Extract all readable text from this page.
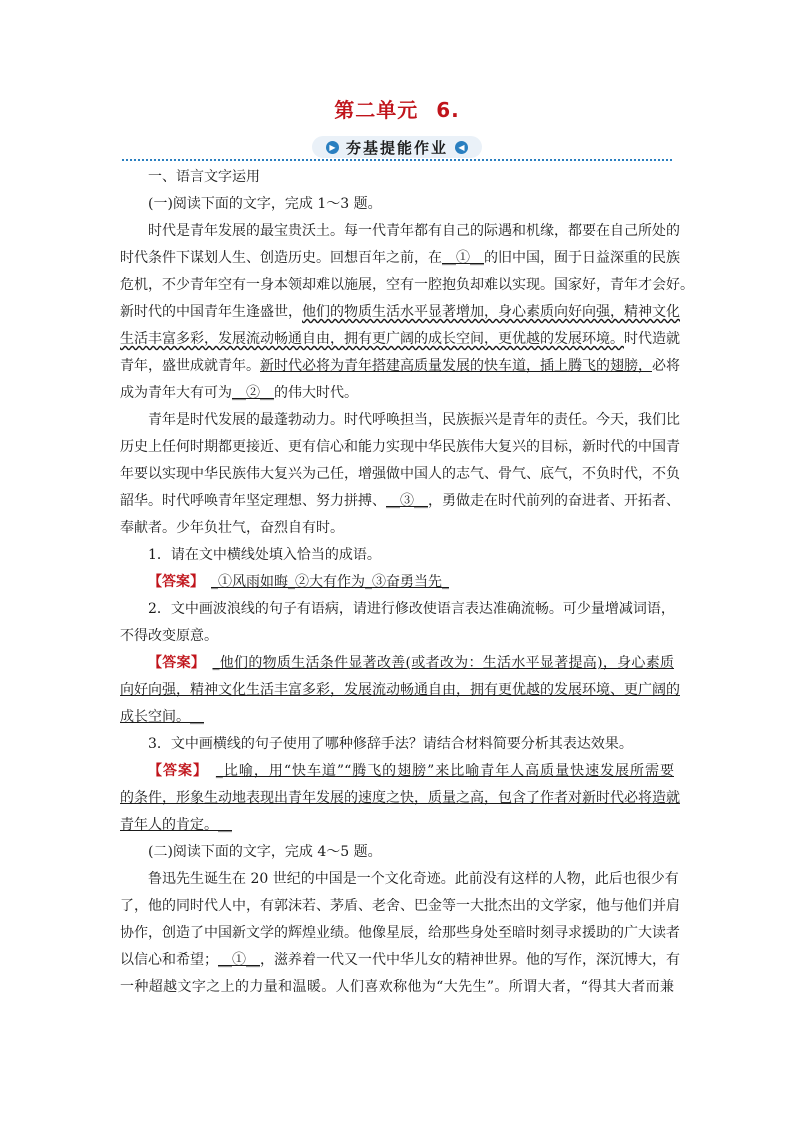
第二单元 6.
▶ 夯基提能作业	◀
一、语言文字运用
(一)阅读下面的文字，完成 1～3 题。
时代是青年发展的最宝贵沃土。每一代青年都有自己的际遇和机缘，都要在自己所处的
时代条件下谋划人生、创造历史。回想百年之前，在__①__的旧中国，囿于日益深重的民族
危机，不少青年空有一身本领却难以施展，空有一腔抱负却难以实现。国家好，青年才会好。
新时代的中国青年生逢盛世，他们的物质生活水平显著增加，身心素质向好向强，精神文化
生活丰富多彩，发展流动畅通自由，拥有更广阔的成长空间，更优越的发展环境。时代造就
青年，盛世成就青年。新时代必将为青年搭建高质量发展的快车道，插上腾飞的翅膀，必将
成为青年大有可为__②__的伟大时代。
青年是时代发展的最蓬勃动力。时代呼唤担当，民族振兴是青年的责任。今天，我们比
历史上任何时期都更接近、更有信心和能力实现中华民族伟大复兴的目标，新时代的中国青
年要以实现中华民族伟大复兴为己任，增强做中国人的志气、骨气、底气，不负时代，不负
韶华。时代呼唤青年坚定理想、努力拼搏、__③__，勇做走在时代前列的奋进者、开拓者、
奉献者。少年负壮气，奋烈自有时。
1．请在文中横线处填入恰当的成语。
【答案】　 _①风雨如晦_②大有作为_③奋勇当先_
2．文中画波浪线的句子有语病，请进行修改使语言表达准确流畅。可少量增减词语，
不得改变原意。
【答案】　 _他们的物质生活条件显著改善(或者改为：生活水平显著提高)，身心素质
向好向强，精神文化生活丰富多彩，发展流动畅通自由，拥有更优越的发展环境、更广阔的
成长空间。__
3．文中画横线的句子使用了哪种修辞手法？请结合材料简要分析其表达效果。
【答案】　 _比喻，用“快车道”“腾飞的翅膀”来比喻青年人高质量快速发展所需要
的条件，形象生动地表现出青年发展的速度之快，质量之高，包含了作者对新时代必将造就
青年人的肯定。__
(二)阅读下面的文字，完成 4～5 题。
鲁迅先生诞生在 20 世纪的中国是一个文化奇迹。此前没有这样的人物，此后也很少有
了，他的同时代人中，有郭沫若、茅盾、老舍、巴金等一大批杰出的文学家，他与他们并肩
协作，创造了中国新文学的辉煌业绩。他像星辰，给那些身处至暗时刻寻求援助的广大读者
以信心和希望；__①__，滋养着一代又一代中华儿女的精神世界。他的写作，深沉博大，有
一种超越文字之上的力量和温暖。人们喜欢称他为“大先生”。所谓大者，“得其大者而兼
